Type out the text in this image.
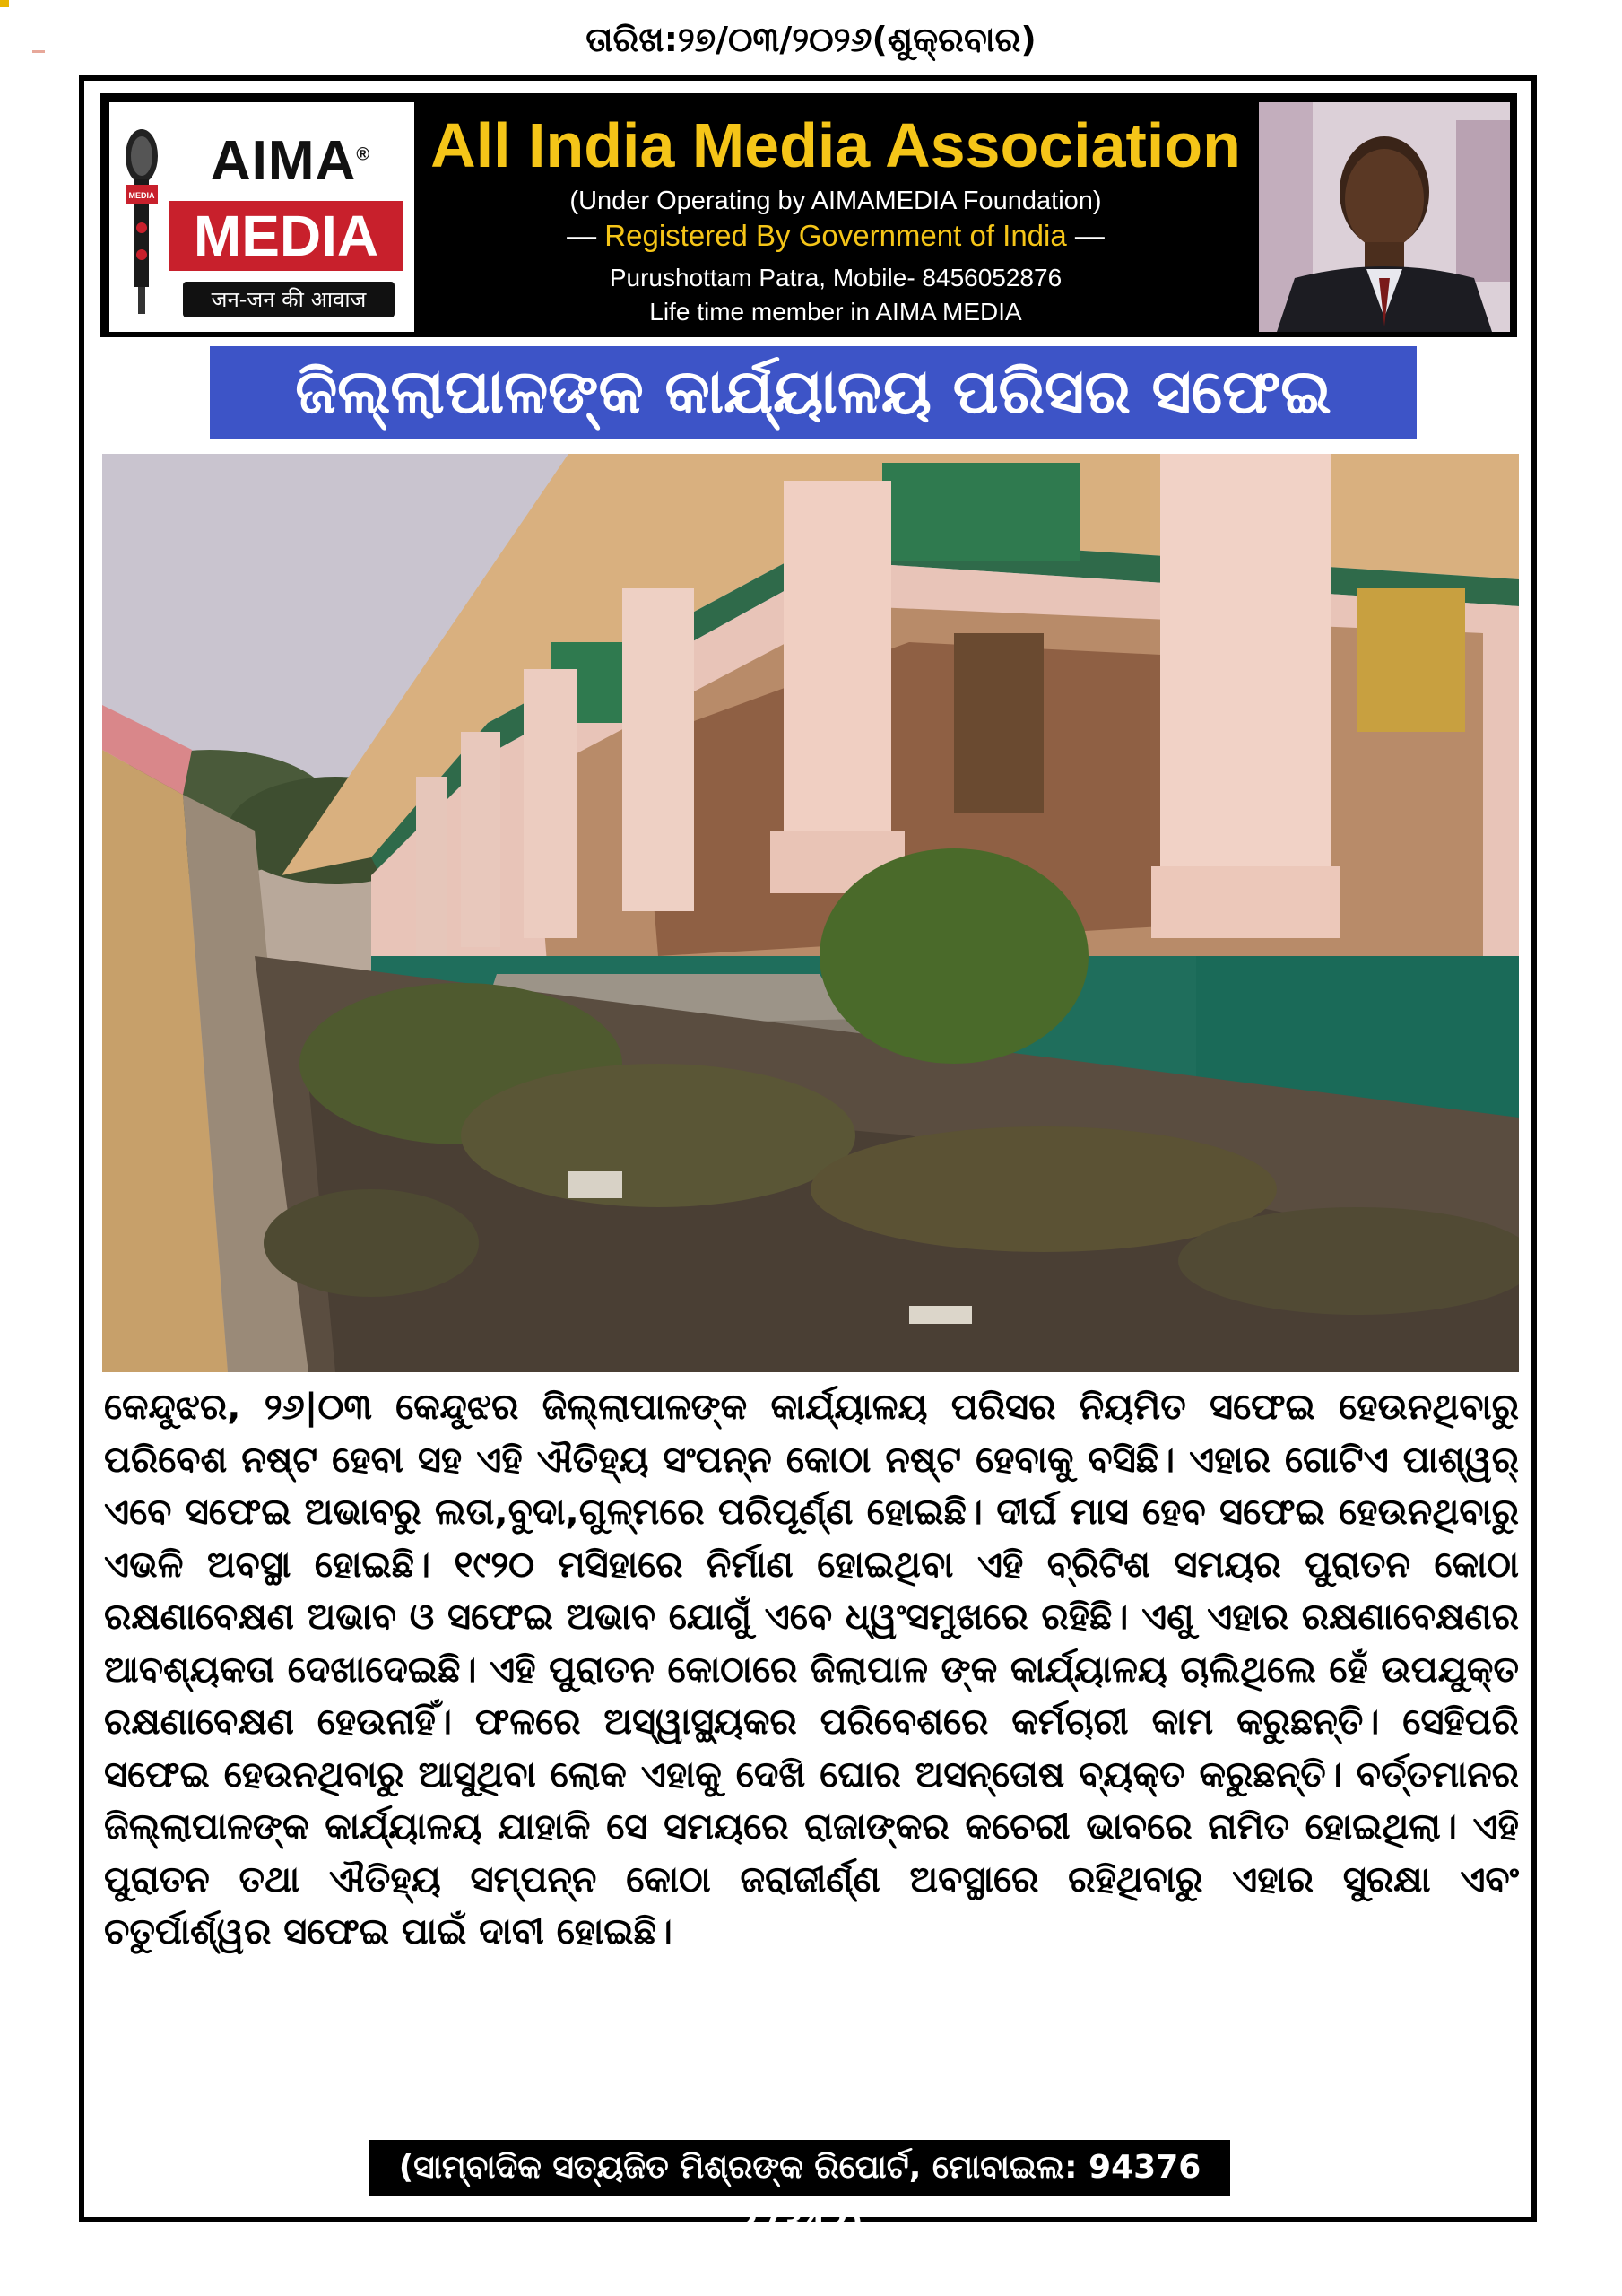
ତାରିଖ:୨୭/୦୩/୨୦୨୬(ଶୁକ୍ରବାର)
MEDIA
AIMA®
MEDIA
जन-जन की आवाज
All India Media Association
(Under Operating by AIMAMEDIA Foundation)
— Registered By Government of India —
Purushottam Patra, Mobile- 8456052876
Life time member in AIMA MEDIA
ଜିଲ୍ଲାପାଳଙ୍କ କାର୍ଯ୍ୟାଳୟ ପରିସର ସଫେଇ
କେନ୍ଦୁଝର, ୨୬|୦୩ କେନ୍ଦୁଝର ଜିଲ୍ଲାପାଳଙ୍କ କାର୍ଯ୍ୟାଳୟ ପରିସର ନିୟମିତ ସଫେଇ ହେଉନଥିବାରୁ ପରିବେଶ ନଷ୍ଟ ହେବା ସହ ଏହି ଐତିହ୍ୟ ସଂପନ୍ନ କୋଠା ନଷ୍ଟ ହେବାକୁ ବସିଛି। ଏହାର ଗୋଟିଏ ପାଶ୍ୱର୍ ଏବେ ସଫେଇ ଅଭାବରୁ ଲତା,ବୁଦା,ଗୁଳ୍ମରେ ପରିପୂର୍ଣ୍ଣ ହୋଇଛି। ଦୀର୍ଘ ମାସ ହେବ ସଫେଇ ହେଉନଥିବାରୁ ଏଭଳି ଅବସ୍ଥା ହୋଇଛି। ୧୯୨୦ ମସିହାରେ ନିର୍ମାଣ ହୋଇଥିବା ଏହି ବ୍ରିଟିଶ ସମୟର ପୁରାତନ କୋଠା ରକ୍ଷଣାବେକ୍ଷଣ ଅଭାବ ଓ ସଫେଇ ଅଭାବ ଯୋଗୁଁ ଏବେ ଧ୍ୱଂସମୁଖରେ ରହିଛି। ଏଣୁ ଏହାର ରକ୍ଷଣାବେକ୍ଷଣର ଆବଶ୍ୟକତା ଦେଖାଦେଇଛି। ଏହି ପୁରାତନ କୋଠାରେ ଜିଲାପାଳ ଙ୍କ କାର୍ଯ୍ୟାଳୟ ଚାଲିଥିଲେ ହେଁ ଉପଯୁକ୍ତ ରକ୍ଷଣାବେକ୍ଷଣ ହେଉନାହିଁ। ଫଳରେ ଅସ୍ୱାସ୍ଥ୍ୟକର ପରିବେଶରେ କର୍ମଚାରୀ କାମ କରୁଛନ୍ତି। ସେହିପରି ସଫେଇ ହେଉନଥିବାରୁ ଆସୁଥିବା ଲୋକ ଏହାକୁ ଦେଖି ଘୋର ଅସନ୍ତୋଷ ବ୍ୟକ୍ତ କରୁଛନ୍ତି। ବର୍ତ୍ତମାନର ଜିଲ୍ଲାପାଳଙ୍କ କାର୍ଯ୍ୟାଳୟ ଯାହାକି ସେ ସମୟରେ ରାଜାଙ୍କର କଚେରୀ ଭାବରେ ନାମିତ ହୋଇଥିଲା। ଏହି ପୁରାତନ ତଥା ଐତିହ୍ୟ ସମ୍ପନ୍ନ କୋଠା ଜରାଜୀର୍ଣ୍ଣ ଅବସ୍ଥାରେ ରହିଥିବାରୁ ଏହାର ସୁରକ୍ଷା ଏବଂ ଚତୁର୍ପାର୍ଶ୍ୱର ସଫେଇ ପାଇଁ ଦାବୀ ହୋଇଛି।
(ସାମ୍ବାଦିକ ସତ୍ୟଜିତ ମିଶ୍ରଙ୍କ ରିପୋର୍ଟ, ମୋବାଇଲ: 94376 27342)
